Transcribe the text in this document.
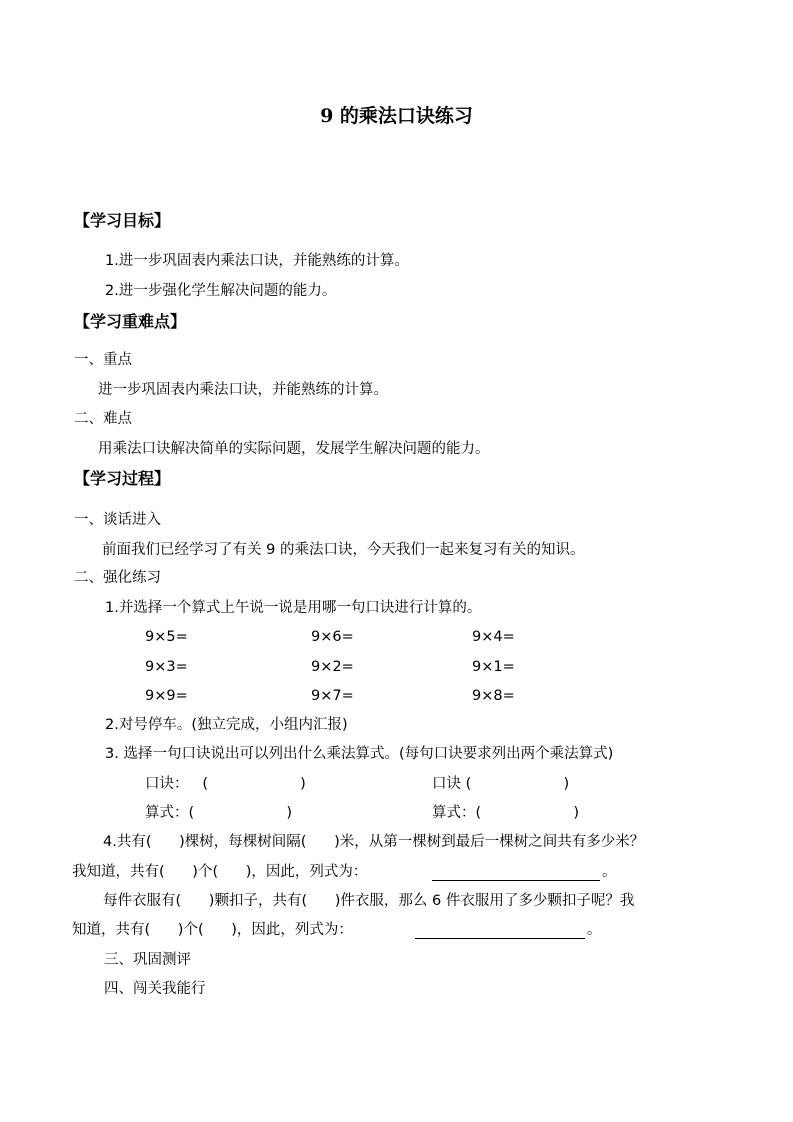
9 的乘法口诀练习
【学习目标】
1.进一步巩固表内乘法口诀，并能熟练的计算。
2.进一步强化学生解决问题的能力。
【学习重难点】
一、重点
进一步巩固表内乘法口诀，并能熟练的计算。
二、难点
用乘法口诀解决简单的实际问题，发展学生解决问题的能力。
【学习过程】
一、谈话进入
前面我们已经学习了有关 9 的乘法口诀，今天我们一起来复习有关的知识。
二、强化练习
1.并选择一个算式上午说一说是用哪一句口诀进行计算的。
9×5=	9×6=	9×4=
9×3=	9×2=	9×1=
9×9=	9×7=	9×8=
2.对号停车。(独立完成，小组内汇报)
3. 选择一句口诀说出可以列出什么乘法算式。(每句口诀要求列出两个乘法算式)
口诀：   (                    )	口诀 (                    )
算式：(                    )	算式：(                    )
4.共有(      )棵树，每棵树间隔(      )米，从第一棵树到最后一棵树之间共有多少米？
我知道，共有(      )个(      )，因此，列式为：	。
每件衣服有(      )颗扣子，共有(      )件衣服，那么 6 件衣服用了多少颗扣子呢？我
知道，共有(      )个(      )，因此，列式为：	。
三、巩固测评
四、闯关我能行
